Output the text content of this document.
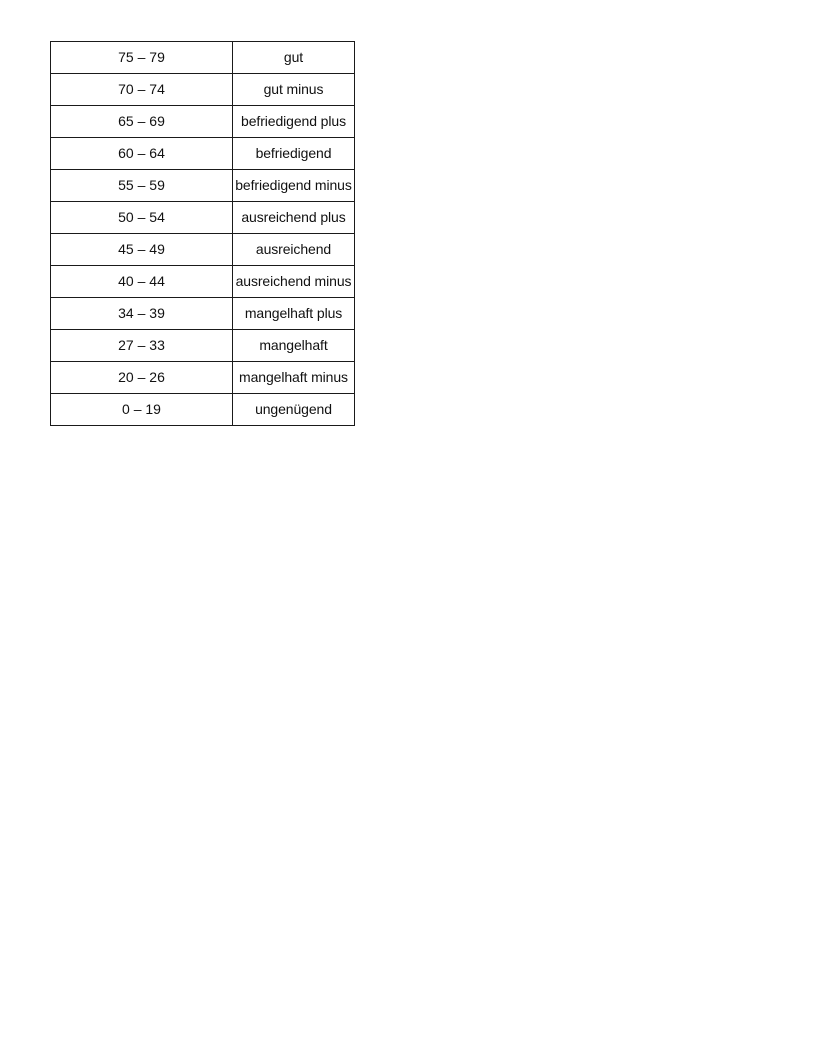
75 – 79	gut
70 – 74	gut minus
65 – 69	befriedigend plus
60 – 64	befriedigend
55 – 59	befriedigend minus
50 – 54	ausreichend plus
45 – 49	ausreichend
40 – 44	ausreichend minus
34 – 39	mangelhaft plus
27 – 33	mangelhaft
20 – 26	mangelhaft minus
0 – 19	ungenügend
